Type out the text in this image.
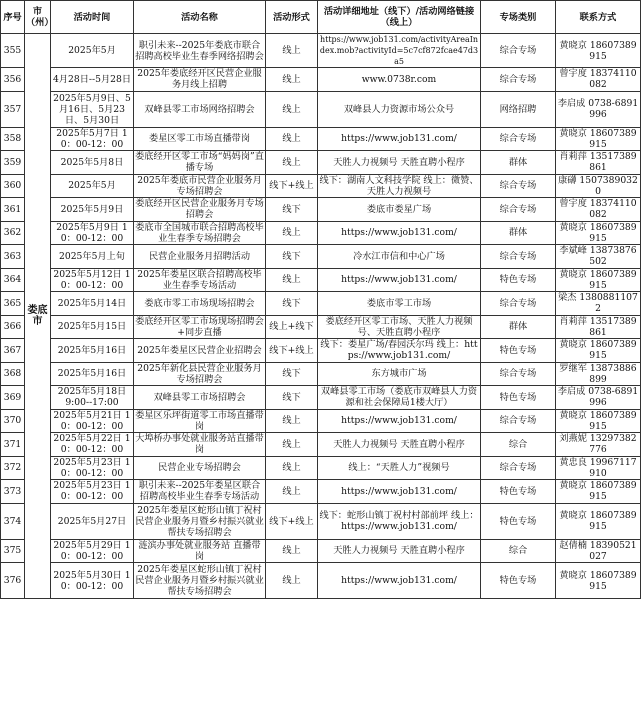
序号	市（州）	活动时间	活动名称	活动形式	活动详细地址（线下）/活动网络链接（线上）	专场类别	联系方式
355	娄底市	2025年5月	职引未来--2025年娄底市联合招聘高校毕业生春季网络招聘会	线上	https://www.job131.com/activityAreaIndex.mob?activityId=5c7cf872fcae47d3a5	综合专场	黄晓京 18607389915
356		4月28日--5月28日	2025年娄底经开区民营企业服务月线上招聘	线上	www.0738r.com	综合专场	曾宇度 18374110082
357		2025年5月9日、5月16日、5月23日、5月30日	双峰县零工市场网络招聘会	线上	双峰县人力资源市场公众号	网络招聘	李启成 0738-6891996
358		2025年5月7日 10：00-12：00	娄星区零工市场直播带岗	线上	https://www.job131.com/	综合专场	黄晓京 18607389915
359		2025年5月8日	娄底经开区零工市场“妈妈岗”直播专场	线上	天胜人力视频号 天胜直聘小程序	群体	肖莉萍 13517389861
360		2025年5月	2025年娄底市民营企业服务月专场招聘会	线下+线上	线下：湖南人文科技学院 线上：微赞、天胜人力视频号	综合专场	康礴 15073890320
361		2025年5月9日	娄底经开区民营企业服务月专场招聘会	线下	娄底市娄星广场	综合专场	曾宇度 18374110082
362		2025年5月9日 10：00-12：00	娄底市全国城市联合招聘高校毕业生春季专场招聘会	线上	https://www.job131.com/	群体	黄晓京 18607389915
363		2025年5月上旬	民营企业服务月招聘活动	线下	冷水江市信和中心广场	综合专场	李斌峰 13873876502
364		2025年5月12日 10：00-12：00	2025年娄星区联合招聘高校毕业生春季专场活动	线上	https://www.job131.com/	特色专场	黄晓京 18607389915
365		2025年5月14日	娄底市零工市场现场招聘会	线下	娄底市零工市场	综合专场	梁杰 13808811072
366		2025年5月15日	娄底经开区零工市场现场招聘会+同步直播	线上+线下	娄底经开区零工市场、天胜人力视频号、天胜直聘小程序	群体	肖莉萍 13517389861
367		2025年5月16日	2025年娄星区民营企业招聘会	线下+线上	线下：娄星广场/春园沃尔玛 线上：https://www.job131.com/	特色专场	黄晓京 18607389915
368		2025年5月16日	2025年新化县民营企业服务月专场招聘会	线下	东方城市广场	综合专场	罗继军 13873886899
369		2025年5月18日 9:00--17:00	双峰县零工市场招聘会	线下	双峰县零工市场（娄底市双峰县人力资源和社会保障局1楼大厅）	特色专场	李启成 0738-6891996
370		2025年5月21日 10：00-12：00	娄星区乐坪街道零工市场直播带岗	线上	https://www.job131.com/	综合专场	黄晓京 18607389915
371		2025年5月22日 10：00-12：00	大埠桥办事处就业服务站直播带岗	线上	天胜人力视频号 天胜直聘小程序	综合	刘燕妮 13297382776
372		2025年5月23日 10：00-12：00	民营企业专场招聘会	线上	线上：“天胜人力”视频号	综合专场	黄忠良 19967117910
373		2025年5月23日 10：00-12：00	职引未来--2025年娄星区联合招聘高校毕业生春季专场活动	线上	https://www.job131.com/	特色专场	黄晓京 18607389915
374		2025年5月27日	2025年娄星区蛇形山镇丁祝村民营企业服务月暨乡村振兴就业帮扶专场招聘会	线下+线上	线下：蛇形山镇丁祝村村部前坪 线上：https://www.job131.com/	特色专场	黄晓京 18607389915
375		2025年5月29日 10：00-12：00	涟滨办事处就业服务站 直播带岗	线上	天胜人力视频号 天胜直聘小程序	综合	赵倩楠 18390521027
376		2025年5月30日 10：00-12：00	2025年娄星区蛇形山镇丁祝村民营企业服务月暨乡村振兴就业帮扶专场招聘会	线上	https://www.job131.com/	特色专场	黄晓京 18607389915
